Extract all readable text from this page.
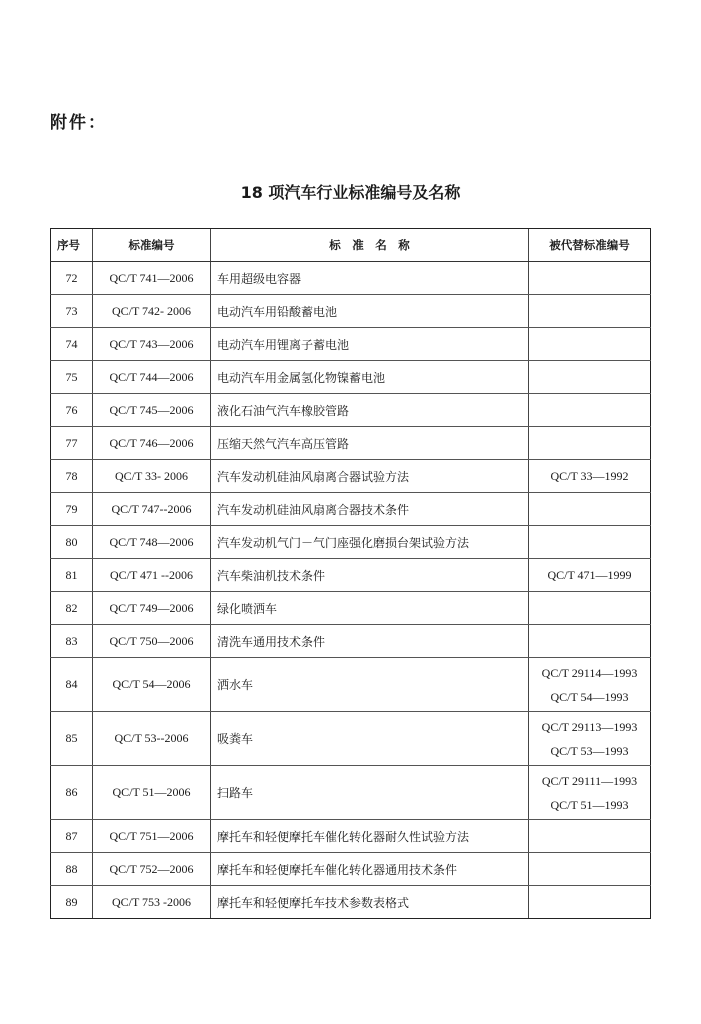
附件：
18 项汽车行业标准编号及名称
序号	标准编号	标　准　名　称	被代替标准编号
72	QC/T 741—2006	车用超级电容器	
73	QC/T 742- 2006	电动汽车用铅酸蓄电池	
74	QC/T 743—2006	电动汽车用锂离子蓄电池	
75	QC/T 744—2006	电动汽车用金属氢化物镍蓄电池	
76	QC/T 745—2006	液化石油气汽车橡胶管路	
77	QC/T 746—2006	压缩天然气汽车高压管路	
78	QC/T 33- 2006	汽车发动机硅油风扇离合器试验方法	QC/T 33—1992

79	QC/T 747--2006	汽车发动机硅油风扇离合器技术条件	
80	QC/T 748—2006	汽车发动机气门－气门座强化磨损台架试验方法	
81	QC/T 471 --2006	汽车柴油机技术条件	QC/T 471—1999

82	QC/T 749—2006	绿化喷洒车	
83	QC/T 750—2006	清洗车通用技术条件	
84	QC/T 54—2006	洒水车	QC/T 29114—1993
QC/T 54—1993

85	QC/T 53--2006	吸粪车	QC/T 29113—1993
QC/T 53—1993

86	QC/T 51—2006	扫路车	QC/T 29111—1993
QC/T 51—1993

87	QC/T 751—2006	摩托车和轻便摩托车催化转化器耐久性试验方法	
88	QC/T 752—2006	摩托车和轻便摩托车催化转化器通用技术条件	
89	QC/T 753 -2006	摩托车和轻便摩托车技术参数表格式	
